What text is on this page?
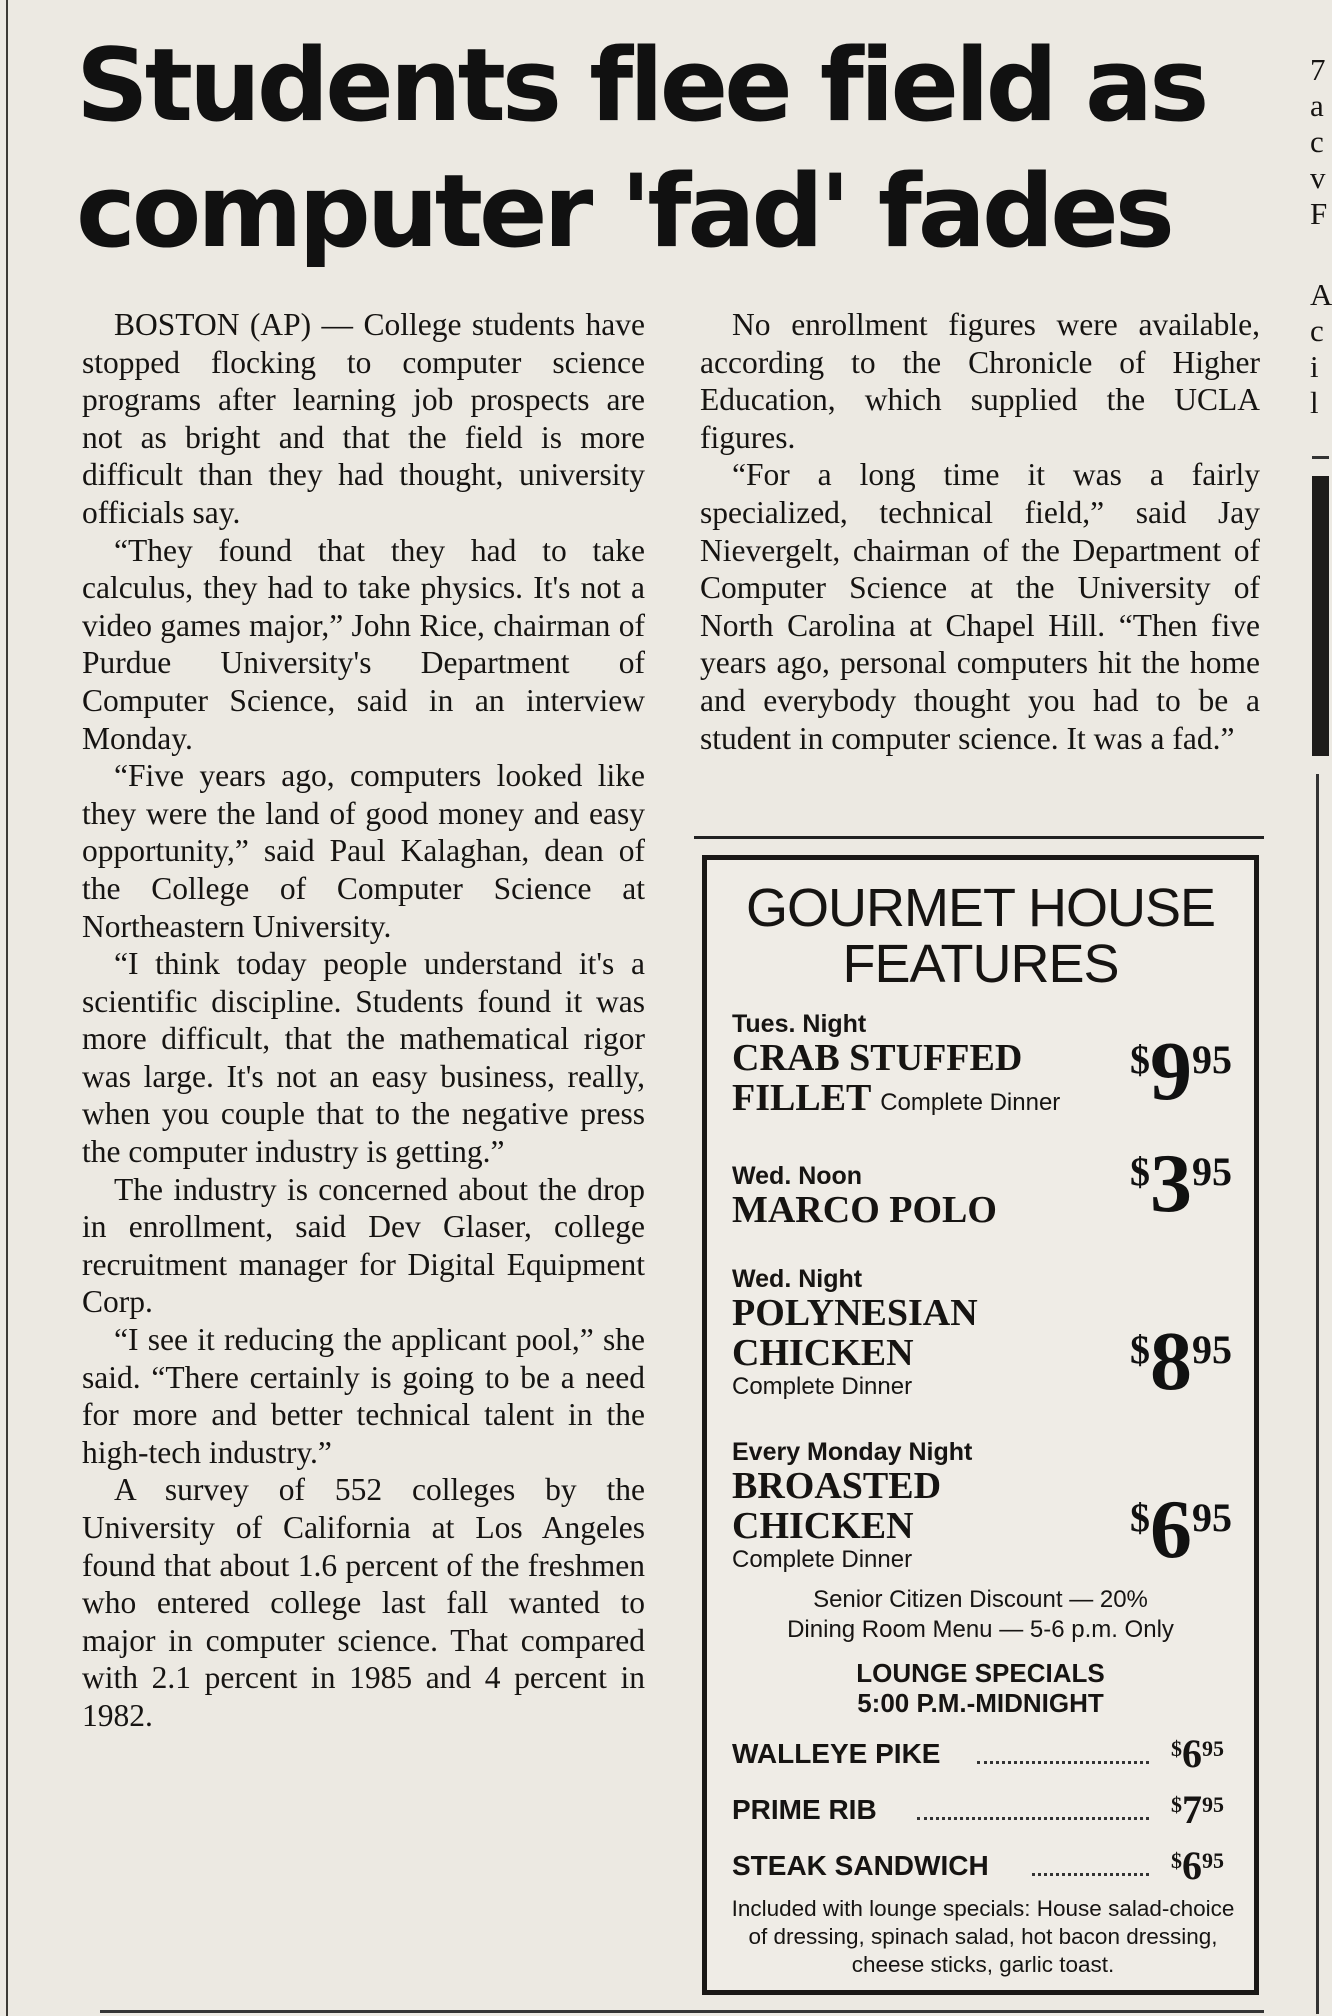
Students flee field as computer 'fad' fades

BOSTON (AP) — College students have stopped flocking to computer science programs after learning job prospects are not as bright and that the field is more difficult than they had thought, university officials say.

“They found that they had to take calculus, they had to take physics. It's not a video games major,” John Rice, chairman of Purdue University's Department of Computer Science, said in an interview Monday.

“Five years ago, computers looked like they were the land of good money and easy opportunity,” said Paul Kalaghan, dean of the College of Computer Science at Northeastern University.

“I think today people understand it's a scientific discipline. Students found it was more difficult, that the mathematical rigor was large. It's not an easy business, really, when you couple that to the negative press the computer industry is getting.”

The industry is concerned about the drop in enrollment, said Dev Glaser, college recruitment manager for Digital Equipment Corp.

“I see it reducing the applicant pool,” she said. “There certainly is going to be a need for more and better technical talent in the high-tech industry.”

A survey of 552 colleges by the University of California at Los Angeles found that about 1.6 percent of the freshmen who entered college last fall wanted to major in computer science. That compared with 2.1 percent in 1985 and 4 percent in 1982.

No enrollment figures were available, according to the Chronicle of Higher Education, which supplied the UCLA figures.

“For a long time it was a fairly specialized, technical field,” said Jay Nievergelt, chairman of the Department of Computer Science at the University of North Carolina at Chapel Hill. “Then five years ago, personal computers hit the home and everybody thought you had to be a student in computer science. It was a fad.”

7
a
c
v
F
A
c
i
l
GOURMET HOUSE
FEATURES
Tues. Night
CRAB STUFFED
FILLET Complete Dinner
$995
Wed. Noon
MARCO POLO
$395
Wed. Night
POLYNESIAN
CHICKEN
Complete Dinner
$895
Every Monday Night
BROASTED
CHICKEN
Complete Dinner
$695
Senior Citizen Discount — 20%
Dining Room Menu — 5-6 p.m. Only
LOUNGE SPECIALS
5:00 P.M.-MIDNIGHT
WALLEYE PIKE	$695
PRIME RIB	$795
STEAK SANDWICH	$695
Included with lounge specials: House salad-choice of dressing, spinach salad, hot bacon dressing, cheese sticks, garlic toast.
